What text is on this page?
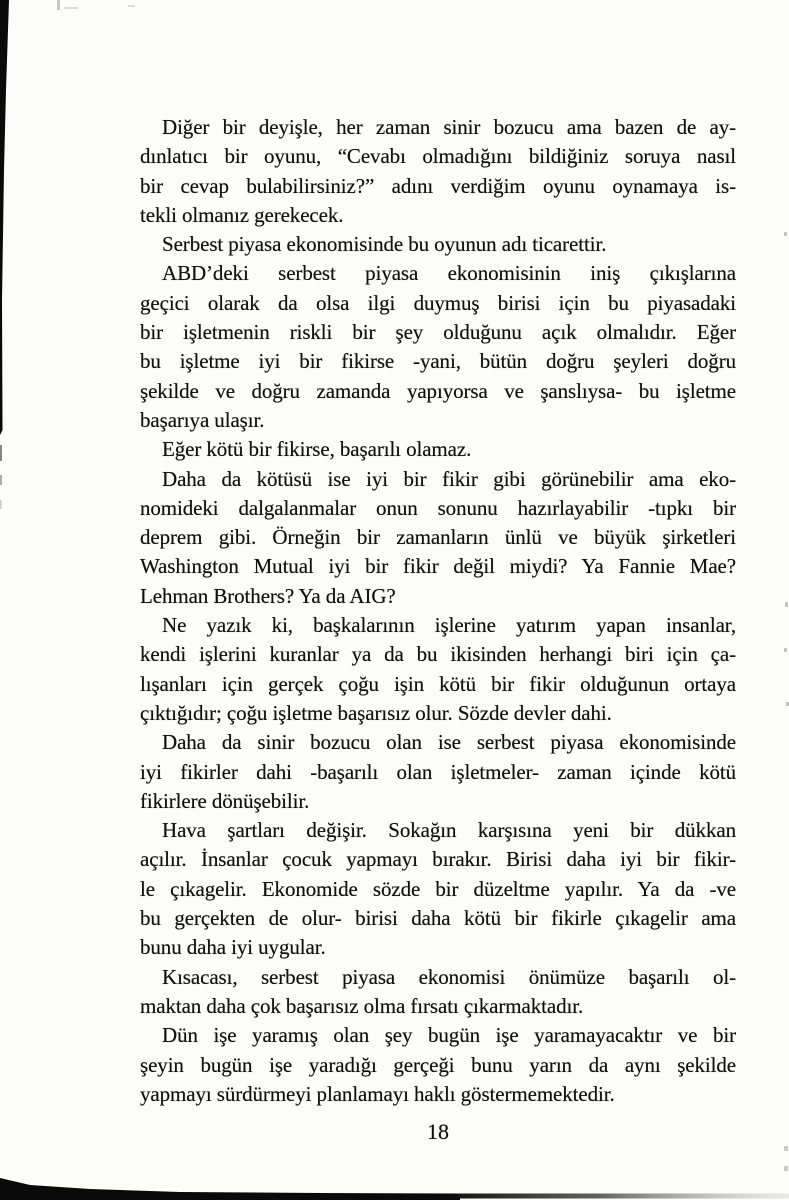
Diğer bir deyişle, her zaman sinir bozucu ama bazen de ay-
dınlatıcı bir oyunu, “Cevabı olmadığını bildiğiniz soruya nasıl
bir cevap bulabilirsiniz?” adını verdiğim oyunu oynamaya is-
tekli olmanız gerekecek.
Serbest piyasa ekonomisinde bu oyunun adı ticarettir.
ABD’deki serbest piyasa ekonomisinin iniş çıkışlarına
geçici olarak da olsa ilgi duymuş birisi için bu piyasadaki
bir işletmenin riskli bir şey olduğunu açık olmalıdır. Eğer
bu işletme iyi bir fikirse -yani, bütün doğru şeyleri doğru
şekilde ve doğru zamanda yapıyorsa ve şanslıysa- bu işletme
başarıya ulaşır.
Eğer kötü bir fikirse, başarılı olamaz.
Daha da kötüsü ise iyi bir fikir gibi görünebilir ama eko-
nomideki dalgalanmalar onun sonunu hazırlayabilir -tıpkı bir
deprem gibi. Örneğin bir zamanların ünlü ve büyük şirketleri
Washington Mutual iyi bir fikir değil miydi? Ya Fannie Mae?
Lehman Brothers? Ya da AIG?
Ne yazık ki, başkalarının işlerine yatırım yapan insanlar,
kendi işlerini kuranlar ya da bu ikisinden herhangi biri için ça-
lışanları için gerçek çoğu işin kötü bir fikir olduğunun ortaya
çıktığıdır; çoğu işletme başarısız olur. Sözde devler dahi.
Daha da sinir bozucu olan ise serbest piyasa ekonomisinde
iyi fikirler dahi -başarılı olan işletmeler- zaman içinde kötü
fikirlere dönüşebilir.
Hava şartları değişir. Sokağın karşısına yeni bir dükkan
açılır. İnsanlar çocuk yapmayı bırakır. Birisi daha iyi bir fikir-
le çıkagelir. Ekonomide sözde bir düzeltme yapılır. Ya da -ve
bu gerçekten de olur- birisi daha kötü bir fikirle çıkagelir ama
bunu daha iyi uygular.
Kısacası, serbest piyasa ekonomisi önümüze başarılı ol-
maktan daha çok başarısız olma fırsatı çıkarmaktadır.
Dün işe yaramış olan şey bugün işe yaramayacaktır ve bir
şeyin bugün işe yaradığı gerçeği bunu yarın da aynı şekilde
yapmayı sürdürmeyi planlamayı haklı göstermemektedir.
18
